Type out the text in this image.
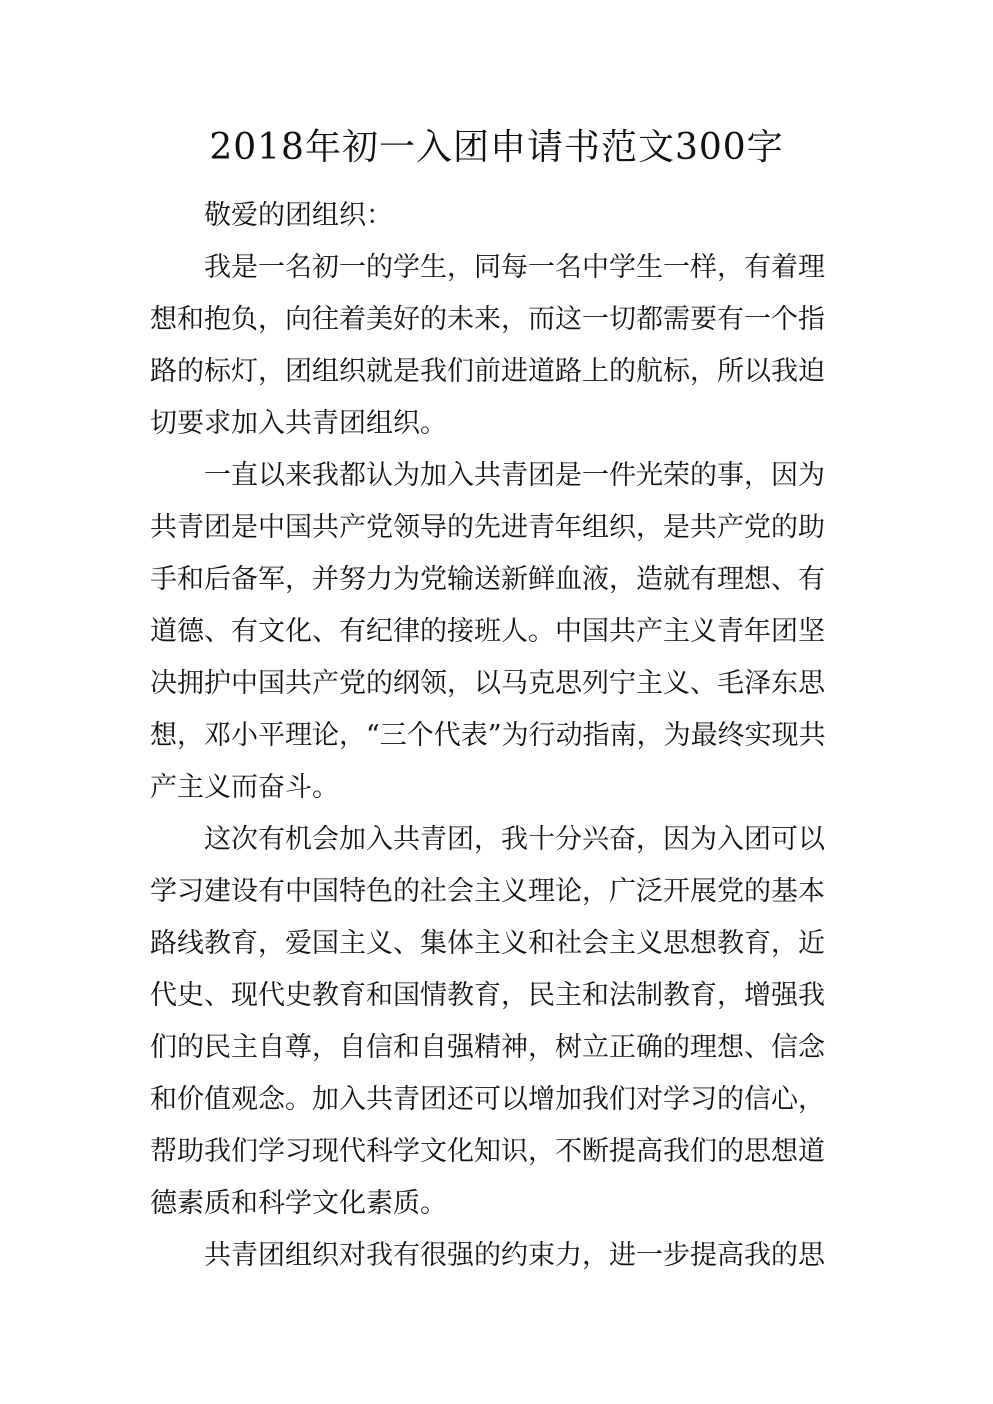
2018年初一入团申请书范文300字
敬爱的团组织：
我是一名初一的学生，同每一名中学生一样，有着理
想和抱负，向往着美好的未来，而这一切都需要有一个指
路的标灯，团组织就是我们前进道路上的航标，所以我迫
切要求加入共青团组织。
一直以来我都认为加入共青团是一件光荣的事，因为
共青团是中国共产党领导的先进青年组织，是共产党的助
手和后备军，并努力为党输送新鲜血液，造就有理想、有
道德、有文化、有纪律的接班人。中国共产主义青年团坚
决拥护中国共产党的纲领，以马克思列宁主义、毛泽东思
想，邓小平理论，“三个代表”为行动指南，为最终实现共
产主义而奋斗。
这次有机会加入共青团，我十分兴奋，因为入团可以
学习建设有中国特色的社会主义理论，广泛开展党的基本
路线教育，爱国主义、集体主义和社会主义思想教育，近
代史、现代史教育和国情教育，民主和法制教育，增强我
们的民主自尊，自信和自强精神，树立正确的理想、信念
和价值观念。加入共青团还可以增加我们对学习的信心，
帮助我们学习现代科学文化知识，不断提高我们的思想道
德素质和科学文化素质。
共青团组织对我有很强的约束力，进一步提高我的思
